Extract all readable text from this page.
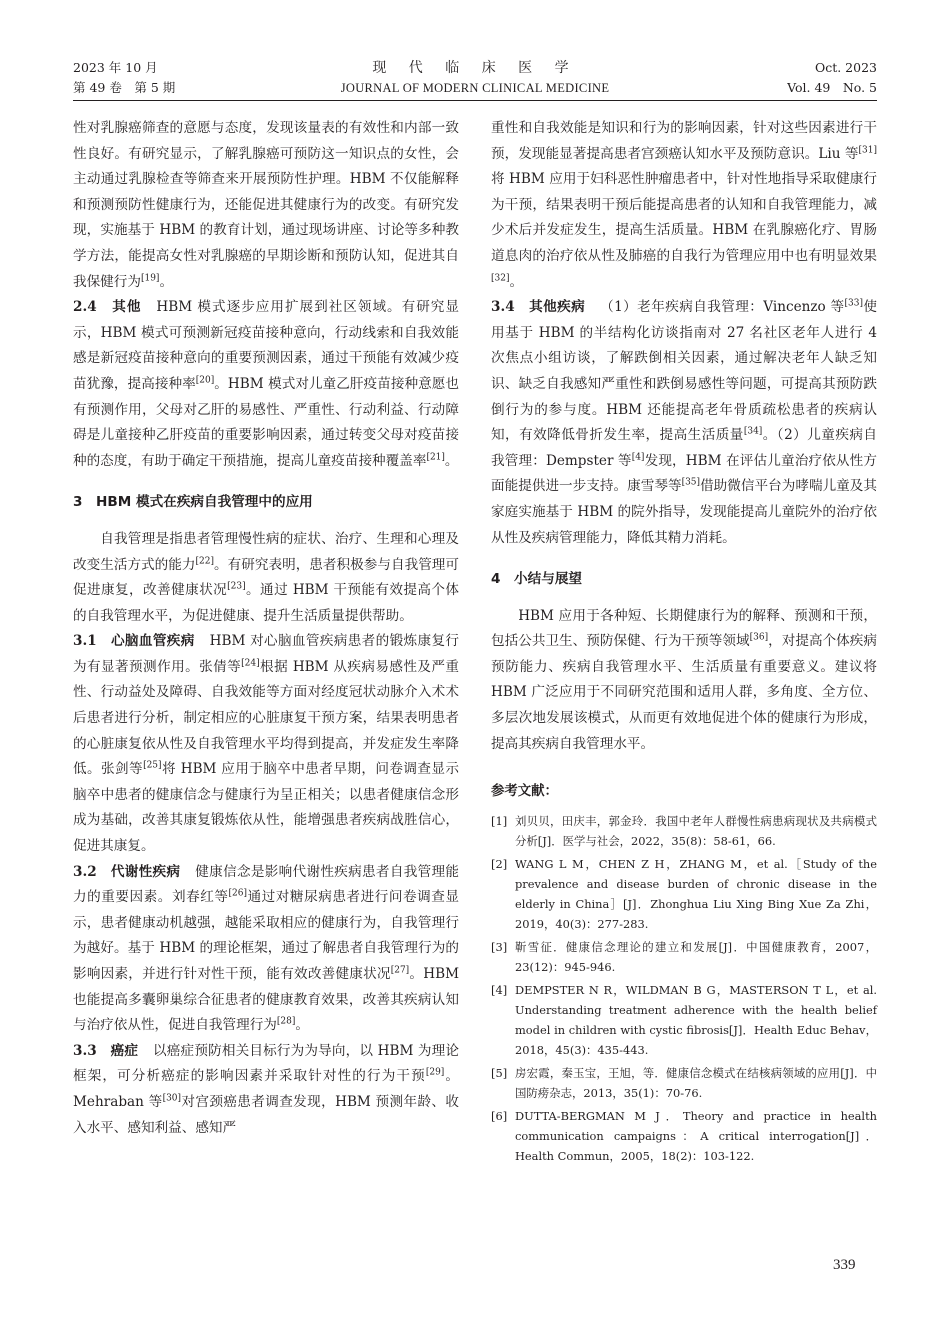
2023 年 10 月
第 49 卷　第 5 期
现 代 临 床 医 学
JOURNAL OF MODERN CLINICAL MEDICINE
Oct. 2023
Vol. 49　No. 5

性对乳腺癌筛查的意愿与态度，发现该量表的有效性和内部一致性良好。有研究显示，了解乳腺癌可预防这一知识点的女性，会主动通过乳腺检查等筛查来开展预防性护理。HBM 不仅能解释和预测预防性健康行为，还能促进其健康行为的改变。有研究发现，实施基于 HBM 的教育计划，通过现场讲座、讨论等多种教学方法，能提高女性对乳腺癌的早期诊断和预防认知，促进其自我保健行为[19]。

2.4　其他 HBM 模式逐步应用扩展到社区领域。有研究显示，HBM 模式可预测新冠疫苗接种意向，行动线索和自我效能感是新冠疫苗接种意向的重要预测因素，通过干预能有效减少疫苗犹豫，提高接种率[20]。HBM 模式对儿童乙肝疫苗接种意愿也有预测作用，父母对乙肝的易感性、严重性、行动利益、行动障碍是儿童接种乙肝疫苗的重要影响因素，通过转变父母对疫苗接种的态度，有助于确定干预措施，提高儿童疫苗接种覆盖率[21]。

3　HBM 模式在疾病自我管理中的应用

自我管理是指患者管理慢性病的症状、治疗、生理和心理及改变生活方式的能力[22]。有研究表明，患者积极参与自我管理可促进康复，改善健康状况[23]。通过 HBM 干预能有效提高个体的自我管理水平，为促进健康、提升生活质量提供帮助。

3.1　心脑血管疾病 HBM 对心脑血管疾病患者的锻炼康复行为有显著预测作用。张倩等[24]根据 HBM 从疾病易感性及严重性、行动益处及障碍、自我效能等方面对经度冠状动脉介入术术后患者进行分析，制定相应的心脏康复干预方案，结果表明患者的心脏康复依从性及自我管理水平均得到提高，并发症发生率降低。张剑等[25]将 HBM 应用于脑卒中患者早期，问卷调查显示脑卒中患者的健康信念与健康行为呈正相关；以患者健康信念形成为基础，改善其康复锻炼依从性，能增强患者疾病战胜信心，促进其康复。

3.2　代谢性疾病 健康信念是影响代谢性疾病患者自我管理能力的重要因素。刘春红等[26]通过对糖尿病患者进行问卷调查显示，患者健康动机越强，越能采取相应的健康行为，自我管理行为越好。基于 HBM 的理论框架，通过了解患者自我管理行为的影响因素，并进行针对性干预，能有效改善健康状况[27]。HBM 也能提高多囊卵巢综合征患者的健康教育效果，改善其疾病认知与治疗依从性，促进自我管理行为[28]。

3.3　癌症 以癌症预防相关目标行为为导向，以 HBM 为理论框架，可分析癌症的影响因素并采取针对性的行为干预[29]。Mehraban 等[30]对宫颈癌患者调查发现，HBM 预测年龄、收入水平、感知利益、感知严

重性和自我效能是知识和行为的影响因素，针对这些因素进行干预，发现能显著提高患者宫颈癌认知水平及预防意识。Liu 等[31]将 HBM 应用于妇科恶性肿瘤患者中，针对性地指导采取健康行为干预，结果表明干预后能提高患者的认知和自我管理能力，减少术后并发症发生，提高生活质量。HBM 在乳腺癌化疗、胃肠道息肉的治疗依从性及肺癌的自我行为管理应用中也有明显效果[32]。

3.4　其他疾病 （1）老年疾病自我管理：Vincenzo 等[33]使用基于 HBM 的半结构化访谈指南对 27 名社区老年人进行 4 次焦点小组访谈，了解跌倒相关因素，通过解决老年人缺乏知识、缺乏自我感知严重性和跌倒易感性等问题，可提高其预防跌倒行为的参与度。HBM 还能提高老年骨质疏松患者的疾病认知，有效降低骨折发生率，提高生活质量[34]。（2）儿童疾病自我管理：Dempster 等[4]发现，HBM 在评估儿童治疗依从性方面能提供进一步支持。康雪琴等[35]借助微信平台为哮喘儿童及其家庭实施基于 HBM 的院外指导，发现能提高儿童院外的治疗依从性及疾病管理能力，降低其精力消耗。

4　小结与展望

HBM 应用于各种短、长期健康行为的解释、预测和干预，包括公共卫生、预防保健、行为干预等领域[36]，对提高个体疾病预防能力、疾病自我管理水平、生活质量有重要意义。建议将 HBM 广泛应用于不同研究范围和适用人群，多角度、全方位、多层次地发展该模式，从而更有效地促进个体的健康行为形成，提高其疾病自我管理水平。

参考文献：
[1] 刘贝贝，田庆丰，郭金玲．我国中老年人群慢性病患病现状及共病模式分析[J]．医学与社会，2022，35(8)：58-61，66.
[2] WANG L M，CHEN Z H，ZHANG M，et al.［Study of the prevalence and disease burden of chronic disease in the elderly in China］[J]．Zhonghua Liu Xing Bing Xue Za Zhi，2019，40(3)：277-283.
[3] 靳雪征．健康信念理论的建立和发展[J]．中国健康教育，2007，23(12)：945-946.
[4] DEMPSTER N R，WILDMAN B G，MASTERSON T L，et al. Understanding treatment adherence with the health belief model in children with cystic fibrosis[J]．Health Educ Behav，2018，45(3)：435-443.
[5] 房宏霞，秦玉宝，王旭，等．健康信念模式在结核病领域的应用[J]．中国防痨杂志，2013，35(1)：70-76.
[6] DUTTA-BERGMAN M J．Theory and practice in health communication campaigns：A critical interrogation[J]．Health Commun，2005，18(2)：103-122.
339
